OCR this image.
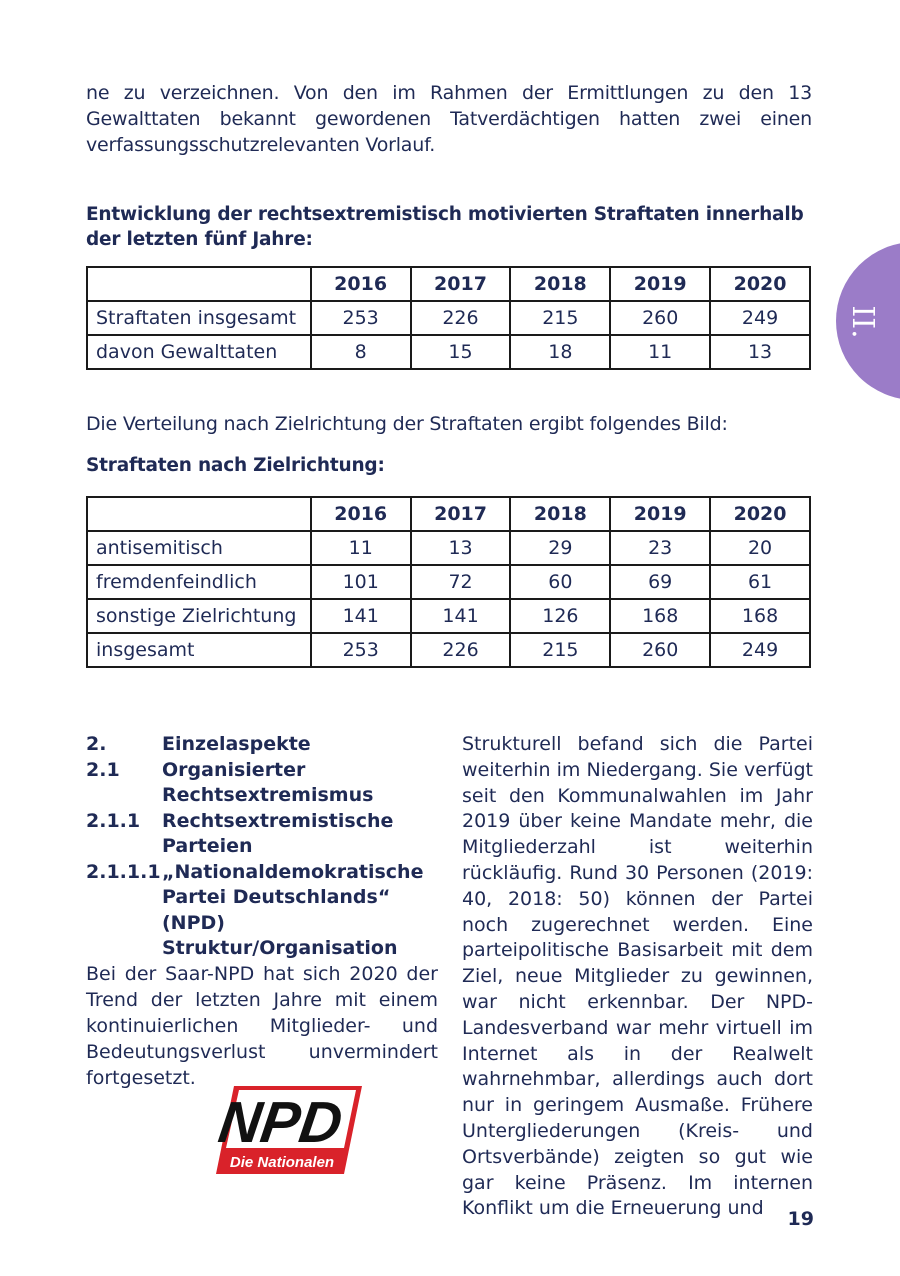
ne zu verzeichnen. Von den im Rahmen der Ermittlungen zu den 13 Gewalttaten bekannt gewordenen Tatverdächtigen hatten zwei einen verfassungsschutzrelevanten Vorlauf.
Entwicklung der rechtsextremistisch motivierten Straftaten innerhalb der letzten fünf Jahre:
	2016	2017	2018	2019	2020
Straftaten insgesamt	253	226	215	260	249
davon Gewalttaten	8	15	18	11	13
Die Verteilung nach Zielrichtung der Straftaten ergibt folgendes Bild:
Straftaten nach Zielrichtung:
	2016	2017	2018	2019	2020
antisemitisch	11	13	29	23	20
fremdenfeindlich	101	72	60	69	61
sonstige Zielrichtung	141	141	126	168	168
insgesamt	253	226	215	260	249
2.	Einzelaspekte
2.1	Organisierter Rechtsextremismus
2.1.1	Rechtsextremistische Parteien
2.1.1.1 „Nationaldemokratische Partei Deutschlands“ (NPD) Struktur/Organisation
Bei der Saar-NPD hat sich 2020 der Trend der letzten Jahre mit einem kontinuierlichen Mitglieder- und Bedeutungsverlust unvermindert fortgesetzt.
Strukturell befand sich die Partei weiterhin im Niedergang. Sie verfügt seit den Kommunalwahlen im Jahr 2019 über keine Mandate mehr, die Mitgliederzahl ist weiterhin rückläufig. Rund 30 Personen (2019: 40, 2018: 50) können der Partei noch zugerechnet werden. Eine parteipolitische Basisarbeit mit dem Ziel, neue Mitglieder zu gewinnen, war nicht erkennbar. Der NPD-Landesverband war mehr virtuell im Internet als in der Realwelt wahrnehmbar, allerdings auch dort nur in geringem Ausmaße. Frühere Untergliederungen (Kreis- und Ortsverbände) zeigten so gut wie gar keine Präsenz. Im internen Konflikt um die Erneuerung und
NPD
Die Nationalen
II.
19
